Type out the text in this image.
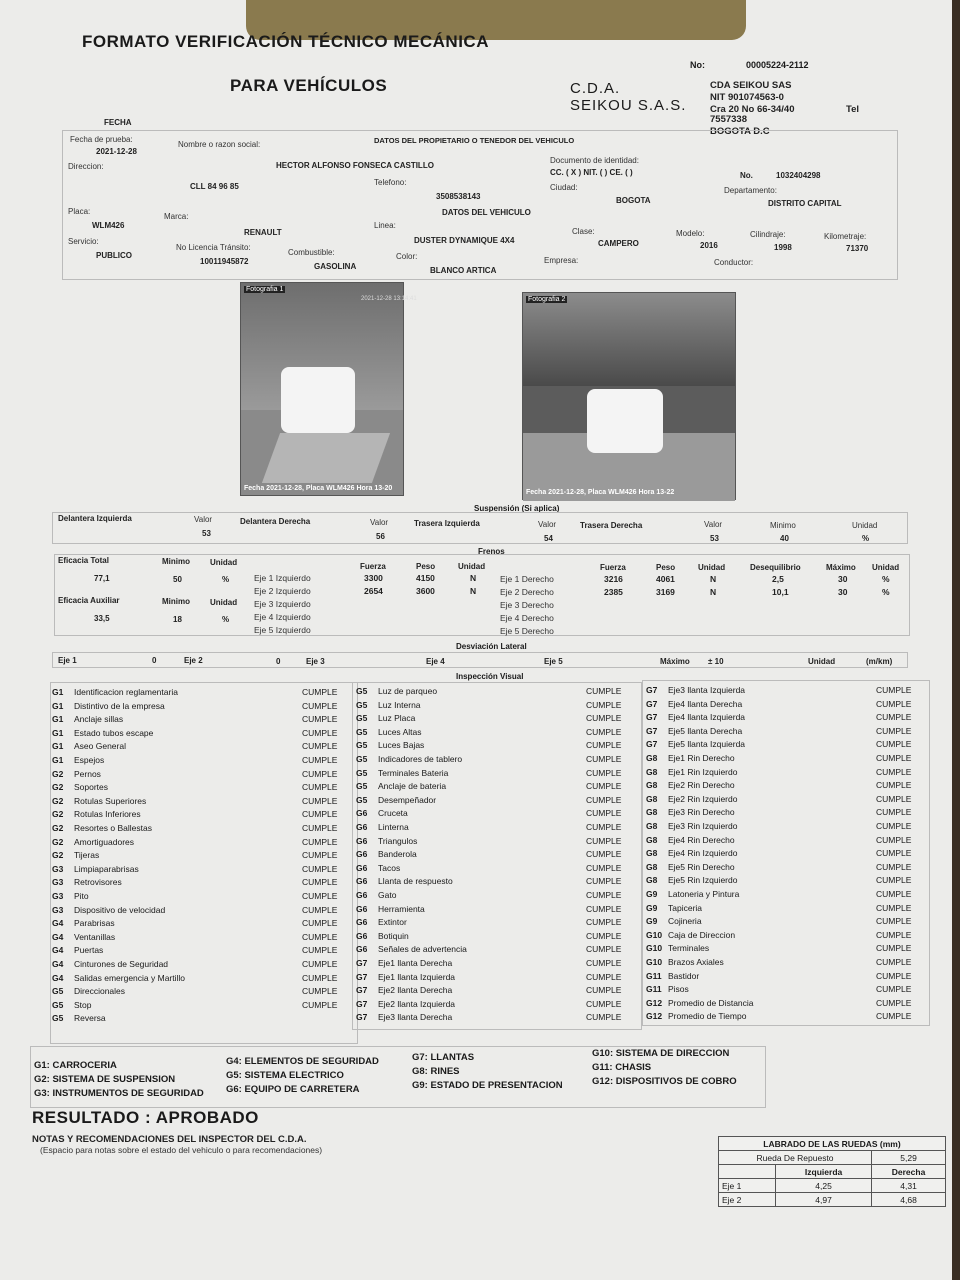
FORMATO VERIFICACIÓN TÉCNICO MECÁNICA
PARA VEHÍCULOS
No:	00005224-2112
C.D.A.
SEIKOU S.A.S.
CDA SEIKOU SAS
NIT 901074563-0
Cra 20 No 66-34/40	Tel
7557338
BOGOTA D.C
FECHA
Fecha de prueba:
2021-12-28
Nombre o razon social:	DATOS DEL PROPIETARIO O TENEDOR DEL VEHICULO
HECTOR ALFONSO FONSECA CASTILLO
Documento de identidad:
CC. ( X ) NIT. ( ) CE. ( )	No.	1032404298
Direccion:
CLL 84 96 85	Telefono:
3508538143
Ciudad:
BOGOTA
Departamento:
DISTRITO CAPITAL
DATOS DEL VEHICULO
Placa:
WLM426
Marca:
RENAULT
Linea:
DUSTER DYNAMIQUE 4X4
Clase:
CAMPERO
Modelo:
2016
Cilindraje:
1998
Kilometraje:
71370
Servicio:
PUBLICO
No Licencia Tránsito:
10011945872
Combustible:
GASOLINA
Color:
BLANCO ARTICA
Empresa:	Conductor:
Fotografia 1
2021-12-28 13:14:41
Fecha 2021-12-28, Placa WLM426 Hora 13-20
Fotografia 2
Fecha 2021-12-28, Placa WLM426 Hora 13-22
Suspensión (Si aplica)
Delantera Izquierda	Valor
53
Delantera Derecha	Valor
56
Trasera Izquierda	Valor
54
Trasera Derecha	Valor
53
Minimo
40
Unidad
%
Frenos
Eficacia Total	Minimo	Unidad
77,1	50	%
Eficacia Auxiliar	Minimo	Unidad
33,5	18	%
Fuerza	Peso	Unidad	Fuerza	Peso	Unidad	Desequilibrio	Máximo Unidad
Eje 1 Izquierdo	3300	4150	N
Eje 2 Izquierdo	2654	3600	N
Eje 3 Izquierdo
Eje 4 Izquierdo
Eje 5 Izquierdo
Eje 1 Derecho	3216	4061	N	2,5	30	%
Eje 2 Derecho	2385	3169	N	10,1	30	%
Eje 3 Derecho
Eje 4 Derecho
Eje 5 Derecho
Desviación Lateral
Eje 1	0	Eje 2	0	Eje 3	Eje 4	Eje 5	Máximo ± 10	Unidad	(m/km)
Inspección Visual
G1	Identificacion reglamentaria	CUMPLE
G1	Distintivo de la empresa	CUMPLE
G1	Anclaje sillas	CUMPLE
G1	Estado tubos escape	CUMPLE
G1	Aseo General	CUMPLE
G1	Espejos	CUMPLE
G2	Pernos	CUMPLE
G2	Soportes	CUMPLE
G2	Rotulas Superiores	CUMPLE
G2	Rotulas Inferiores	CUMPLE
G2	Resortes o Ballestas	CUMPLE
G2	Amortiguadores	CUMPLE
G2	Tijeras	CUMPLE
G3	Limpiaparabrisas	CUMPLE
G3	Retrovisores	CUMPLE
G3	Pito	CUMPLE
G3	Dispositivo de velocidad	CUMPLE
G4	Parabrisas	CUMPLE
G4	Ventanillas	CUMPLE
G4	Puertas	CUMPLE
G4	Cinturones de Seguridad	CUMPLE
G4	Salidas emergencia y Martillo	CUMPLE
G5	Direccionales	CUMPLE
G5	Stop	CUMPLE
G5	Reversa
G5	Luz de parqueo	CUMPLE
G5	Luz Interna	CUMPLE
G5	Luz Placa	CUMPLE
G5	Luces Altas	CUMPLE
G5	Luces Bajas	CUMPLE
G5	Indicadores de tablero	CUMPLE
G5	Terminales Bateria	CUMPLE
G5	Anclaje de bateria	CUMPLE
G5	Desempeñador	CUMPLE
G6	Cruceta	CUMPLE
G6	Linterna	CUMPLE
G6	Triangulos	CUMPLE
G6	Banderola	CUMPLE
G6	Tacos	CUMPLE
G6	Llanta de respuesto	CUMPLE
G6	Gato	CUMPLE
G6	Herramienta	CUMPLE
G6	Extintor	CUMPLE
G6	Botiquin	CUMPLE
G6	Señales de advertencia	CUMPLE
G7	Eje1 llanta Derecha	CUMPLE
G7	Eje1 llanta Izquierda	CUMPLE
G7	Eje2 llanta Derecha	CUMPLE
G7	Eje2 llanta Izquierda	CUMPLE
G7	Eje3 llanta Derecha	CUMPLE
G7	Eje3 llanta Izquierda	CUMPLE
G7	Eje4 llanta Derecha	CUMPLE
G7	Eje4 llanta Izquierda	CUMPLE
G7	Eje5 llanta Derecha	CUMPLE
G7	Eje5 llanta Izquierda	CUMPLE
G8	Eje1 Rin Derecho	CUMPLE
G8	Eje1 Rin Izquierdo	CUMPLE
G8	Eje2 Rin Derecho	CUMPLE
G8	Eje2 Rin Izquierdo	CUMPLE
G8	Eje3 Rin Derecho	CUMPLE
G8	Eje3 Rin Izquierdo	CUMPLE
G8	Eje4 Rin Derecho	CUMPLE
G8	Eje4 Rin Izquierdo	CUMPLE
G8	Eje5 Rin Derecho	CUMPLE
G8	Eje5 Rin Izquierdo	CUMPLE
G9	Latoneria y Pintura	CUMPLE
G9	Tapiceria	CUMPLE
G9	Cojineria	CUMPLE
G10 Caja de Direccion	CUMPLE
G10 Terminales	CUMPLE
G10 Brazos Axiales	CUMPLE
G11 Bastidor	CUMPLE
G11 Pisos	CUMPLE
G12 Promedio de Distancia	CUMPLE
G12 Promedio de Tiempo	CUMPLE
G1: CARROCERIA
G2: SISTEMA DE SUSPENSION
G3: INSTRUMENTOS DE SEGURIDAD
G4: ELEMENTOS DE SEGURIDAD
G5: SISTEMA ELECTRICO
G6: EQUIPO DE CARRETERA
G7: LLANTAS
G8: RINES
G9: ESTADO DE PRESENTACION
G10: SISTEMA DE DIRECCION
G11: CHASIS
G12: DISPOSITIVOS DE COBRO
RESULTADO : APROBADO
NOTAS Y RECOMENDACIONES DEL INSPECTOR DEL C.D.A.
(Espacio para notas sobre el estado del vehiculo o para recomendaciones)
LABRADO DE LAS RUEDAS (mm)		
Rueda De Repuesto		5,29
	Izquierda	Derecha
Eje 1	4,25	4,31
Eje 2	4,97	4,68
